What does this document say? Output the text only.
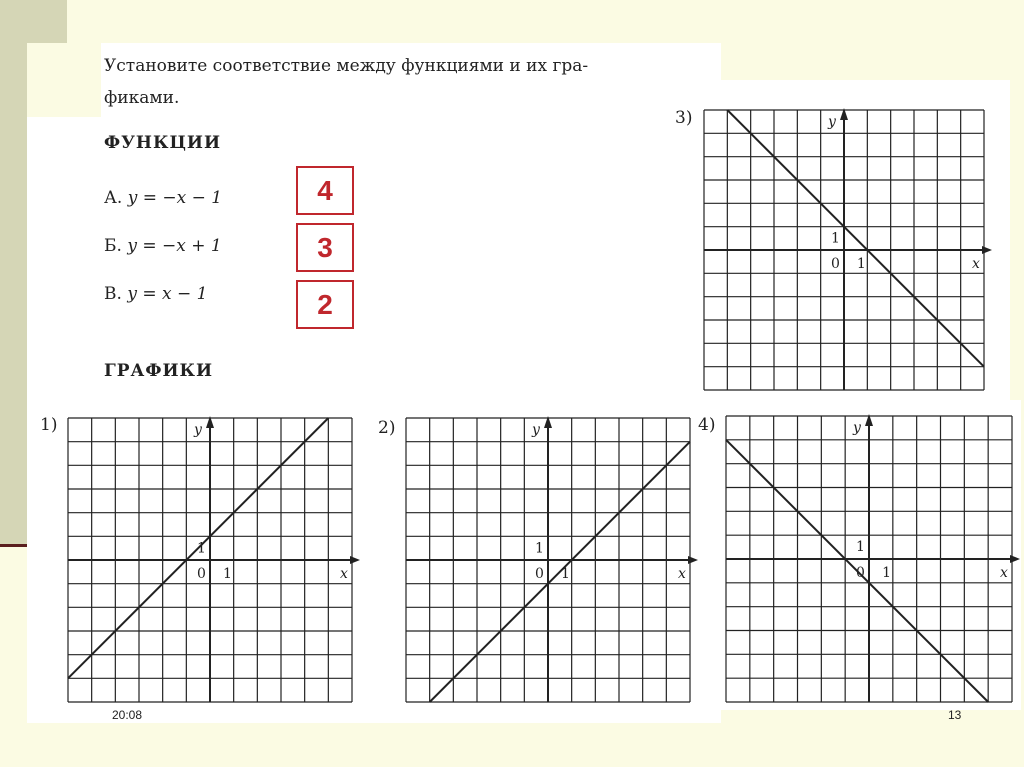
Установите соответствие между функциями и их гра-
фиками.
ФУНКЦИИ
А. y = −x − 1
Б. y = −x + 1
В. y = x − 1
4
3
2
ГРАФИКИ
1)	2)
3)
4)
y
x
0 1
1
y
x
0 1
1
y
x
0 1
1
y
x
0 1
1
20:08	13
